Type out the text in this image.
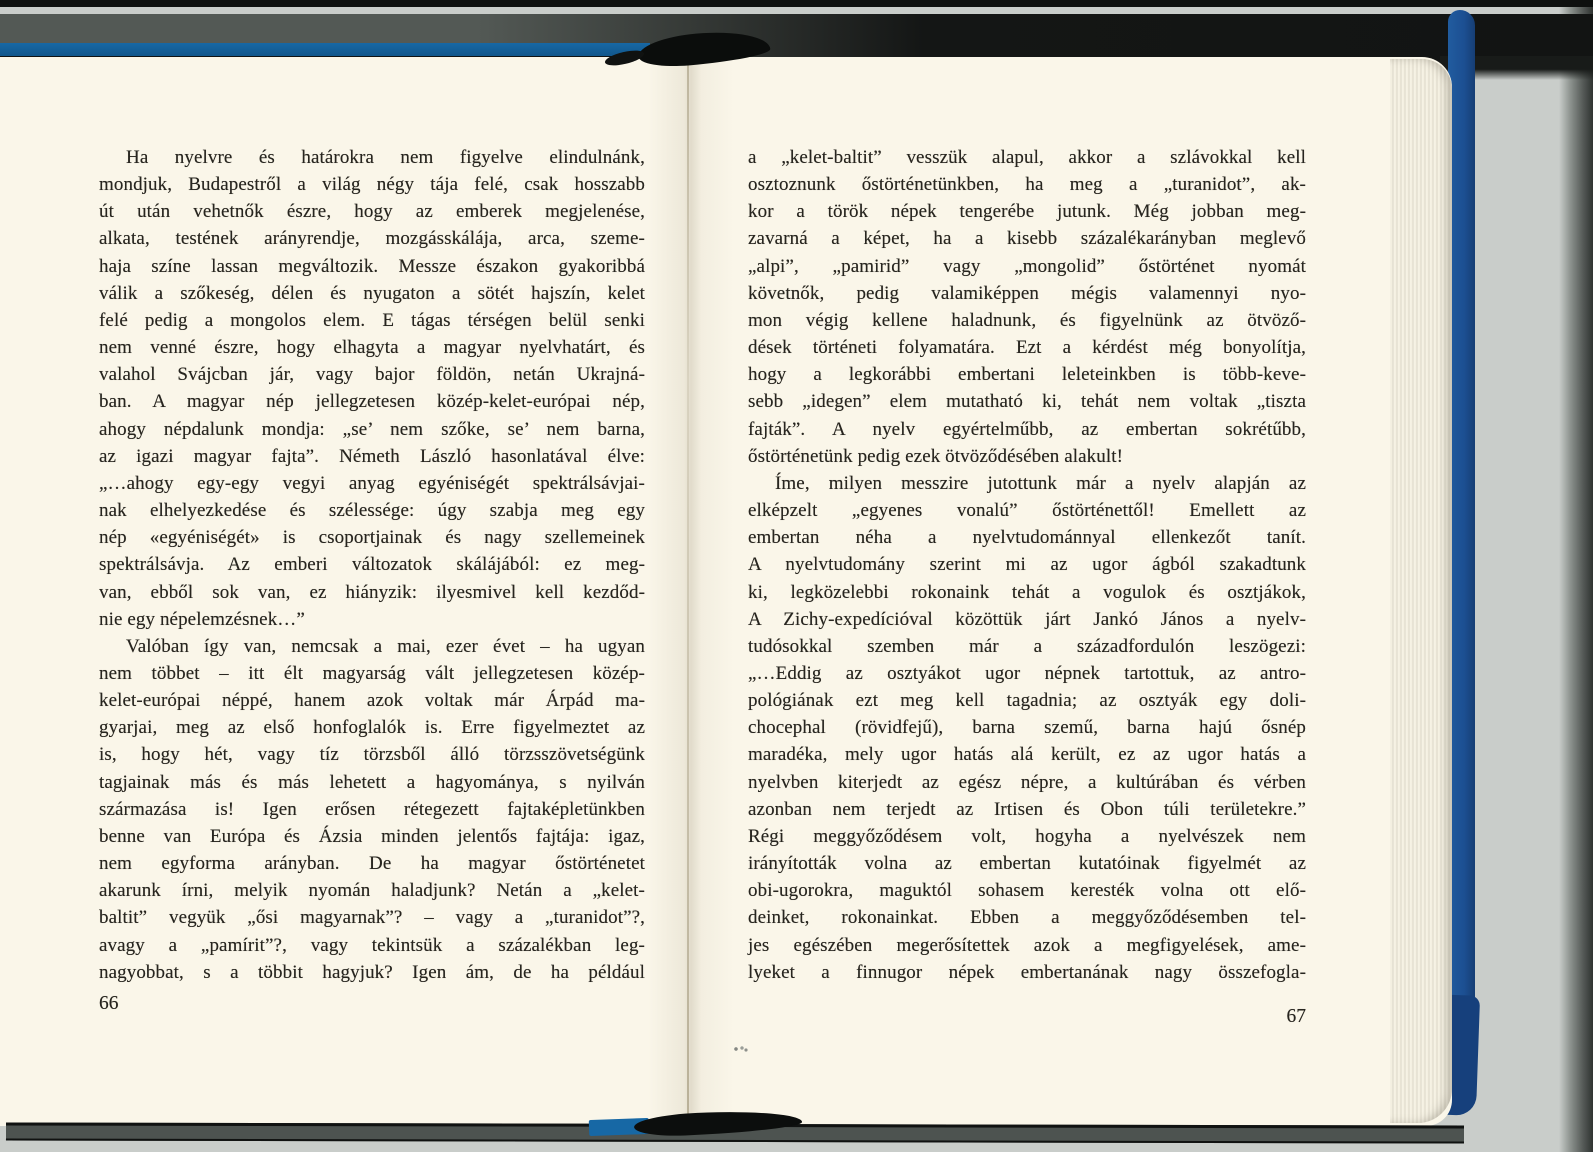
Ha nyelvre és határokra nem figyelve elindulnánk,
mondjuk, Budapestről a világ négy tája felé, csak hosszabb
út után vehetnők észre, hogy az emberek megjelenése,
alkata, testének arányrendje, mozgásskálája, arca, szeme-
haja színe lassan megváltozik. Messze északon gyakoribbá
válik a szőkeség, délen és nyugaton a sötét hajszín, kelet
felé pedig a mongolos elem. E tágas térségen belül senki
nem venné észre, hogy elhagyta a magyar nyelvhatárt, és
valahol Svájcban jár, vagy bajor földön, netán Ukrajná-
ban. A magyar nép jellegzetesen közép-kelet-európai nép,
ahogy népdalunk mondja: „se’ nem szőke, se’ nem barna,
az igazi magyar fajta”. Németh László hasonlatával élve:
„…ahogy egy-egy vegyi anyag egyéniségét spektrálsávjai-
nak elhelyezkedése és szélessége: úgy szabja meg egy
nép «egyéniségét» is csoportjainak és nagy szellemeinek
spektrálsávja. Az emberi változatok skálájából: ez meg-
van, ebből sok van, ez hiányzik: ilyesmivel kell kezdőd-
nie egy népelemzésnek…”
Valóban így van, nemcsak a mai, ezer évet – ha ugyan
nem többet – itt élt magyarság vált jellegzetesen közép-
kelet-európai néppé, hanem azok voltak már Árpád ma-
gyarjai, meg az első honfoglalók is. Erre figyelmeztet az
is, hogy hét, vagy tíz törzsből álló törzsszövetségünk
tagjainak más és más lehetett a hagyománya, s nyilván
származása is! Igen erősen rétegezett fajtaképletünkben
benne van Európa és Ázsia minden jelentős fajtája: igaz,
nem egyforma arányban. De ha magyar őstörténetet
akarunk írni, melyik nyomán haladjunk? Netán a „kelet-
baltit” vegyük „ősi magyarnak”? – vagy a „turanidot”?,
avagy a „pamírit”?, vagy tekintsük a százalékban leg-
nagyobbat, s a többit hagyjuk? Igen ám, de ha például
a „kelet-baltit” vesszük alapul, akkor a szlávokkal kell
osztoznunk őstörténetünkben, ha meg a „turanidot”, ak-
kor a török népek tengerébe jutunk. Még jobban meg-
zavarná a képet, ha a kisebb százalékarányban meglevő
„alpi”, „pamirid” vagy „mongolid” őstörténet nyomát
követnők, pedig valamiképpen mégis valamennyi nyo-
mon végig kellene haladnunk, és figyelnünk az ötvöző-
dések történeti folyamatára. Ezt a kérdést még bonyolítja,
hogy a legkorábbi embertani leleteinkben is több-keve-
sebb „idegen” elem mutatható ki, tehát nem voltak „tiszta
fajták”. A nyelv egyértelműbb, az embertan sokrétűbb,
őstörténetünk pedig ezek ötvöződésében alakult!
Íme, milyen messzire jutottunk már a nyelv alapján az
elképzelt „egyenes vonalú” őstörténettől! Emellett az
embertan néha a nyelvtudománnyal ellenkezőt tanít.
A nyelvtudomány szerint mi az ugor ágból szakadtunk
ki, legközelebbi rokonaink tehát a vogulok és osztjákok,
A Zichy-expedícióval közöttük járt Jankó János a nyelv-
tudósokkal szemben már a századfordulón leszögezi:
„…Eddig az osztyákot ugor népnek tartottuk, az antro-
pológiának ezt meg kell tagadnia; az osztyák egy doli-
chocephal (rövidfejű), barna szemű, barna hajú ősnép
maradéka, mely ugor hatás alá került, ez az ugor hatás a
nyelvben kiterjedt az egész népre, a kultúrában és vérben
azonban nem terjedt az Irtisen és Obon túli területekre.”
Régi meggyőződésem volt, hogyha a nyelvészek nem
irányították volna az embertan kutatóinak figyelmét az
obi-ugorokra, maguktól sohasem keresték volna ott elő-
deinket, rokonainkat. Ebben a meggyőződésemben tel-
jes egészében megerősítettek azok a megfigyelések, ame-
lyeket a finnugor népek embertanának nagy összefogla-
66
67
